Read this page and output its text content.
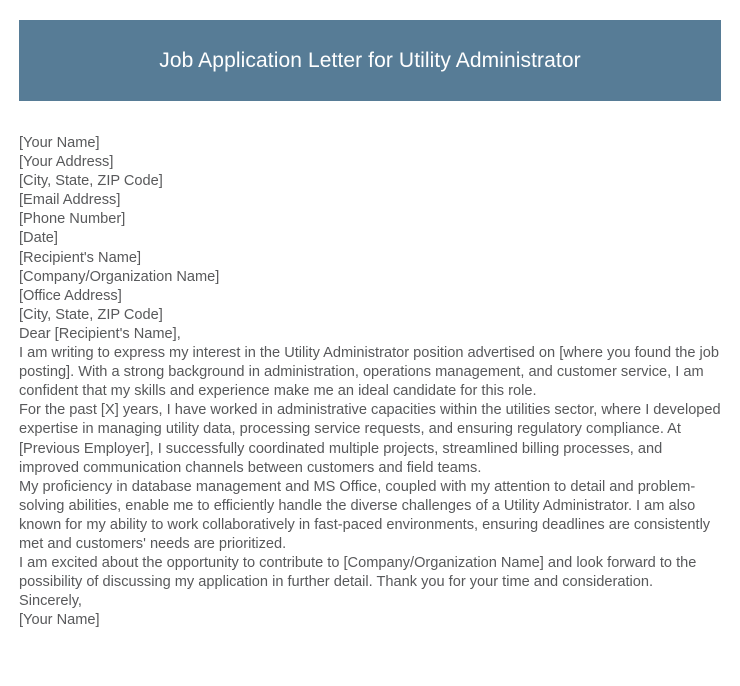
Job Application Letter for Utility Administrator
[Your Name]
[Your Address]
[City, State, ZIP Code]
[Email Address]
[Phone Number]
[Date]
[Recipient's Name]
[Company/Organization Name]
[Office Address]
[City, State, ZIP Code]
Dear [Recipient's Name],
I am writing to express my interest in the Utility Administrator position advertised on [where you found the job posting]. With a strong background in administration, operations management, and customer service, I am confident that my skills and experience make me an ideal candidate for this role.
For the past [X] years, I have worked in administrative capacities within the utilities sector, where I developed expertise in managing utility data, processing service requests, and ensuring regulatory compliance. At [Previous Employer], I successfully coordinated multiple projects, streamlined billing processes, and improved communication channels between customers and field teams.
My proficiency in database management and MS Office, coupled with my attention to detail and problem-solving abilities, enable me to efficiently handle the diverse challenges of a Utility Administrator. I am also known for my ability to work collaboratively in fast-paced environments, ensuring deadlines are consistently met and customers' needs are prioritized.
I am excited about the opportunity to contribute to [Company/Organization Name] and look forward to the possibility of discussing my application in further detail. Thank you for your time and consideration.
Sincerely,
[Your Name]
